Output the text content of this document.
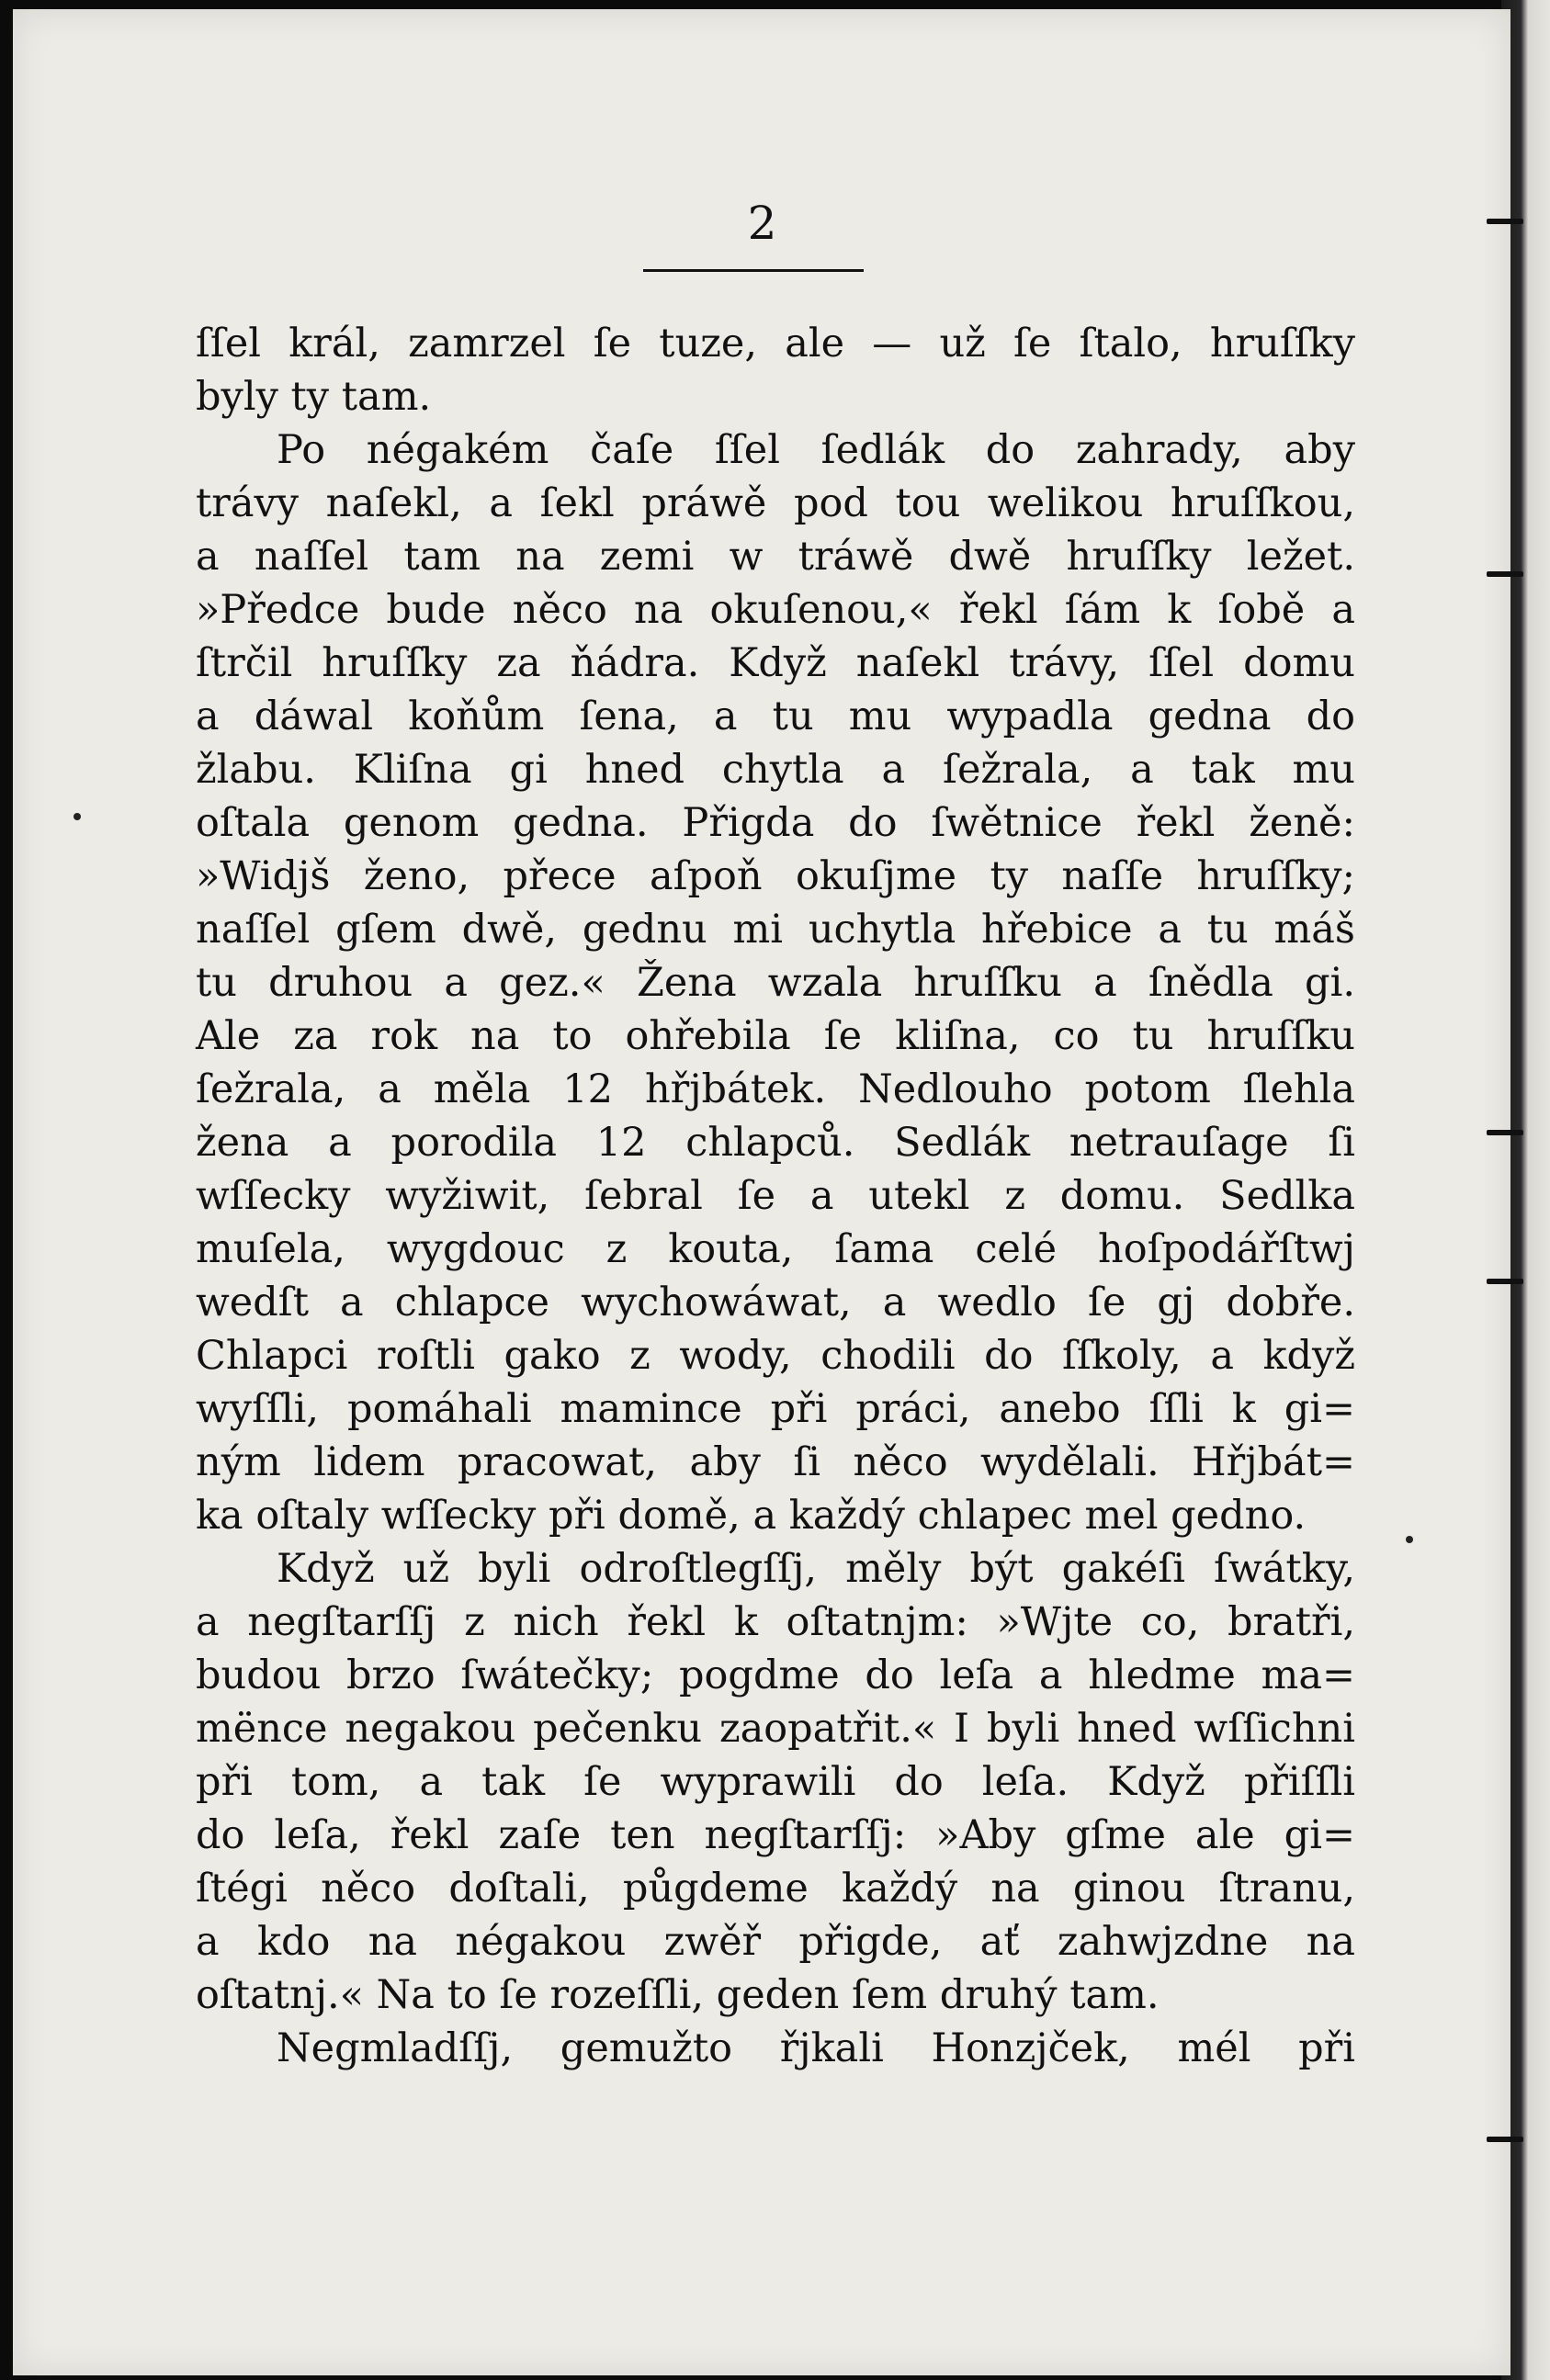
2
ſſel král, zamrzel ſe tuze, ale — už ſe ſtalo, hruſſky
byly ty tam.
Po négakém čaſe ſſel ſedlák do zahrady, aby
trávy naſekl, a ſekl práwě pod tou welikou hruſſkou,
a naſſel tam na zemi w tráwě dwě hruſſky ležet.
»Předce bude něco na okuſenou,« řekl ſám k ſobě a
ſtrčil hruſſky za ňádra. Když naſekl trávy, ſſel domu
a dáwal koňům ſena, a tu mu wypadla gedna do
žlabu. Kliſna gi hned chytla a ſežrala, a tak mu
oſtala genom gedna. Přigda do ſwětnice řekl ženě:
»Widjš ženo, přece aſpoň okuſjme ty naſſe hruſſky;
naſſel gſem dwě, gednu mi uchytla hřebice a tu máš
tu druhou a gez.« Žena wzala hruſſku a ſnědla gi.
Ale za rok na to ohřebila ſe kliſna, co tu hruſſku
ſežrala, a měla 12 hřjbátek. Nedlouho potom ſlehla
žena a porodila 12 chlapců. Sedlák netrauſage ſi
wſſecky wyžiwit, ſebral ſe a utekl z domu. Sedlka
muſela, wygdouc z kouta, ſama celé hoſpodářſtwj
wedſt a chlapce wychowáwat, a wedlo ſe gj dobře.
Chlapci roſtli gako z wody, chodili do ſſkoly, a když
wyſſli, pomáhali mamince při práci, anebo ſſli k gi=
ným lidem pracowat, aby ſi něco wydělali. Hřjbát=
ka oſtaly wſſecky při domě, a každý chlapec mel gedno.
Když už byli odroſtlegſſj, měly být gakéſi ſwátky,
a negſtarſſj z nich řekl k oſtatnjm: »Wjte co, bratři,
budou brzo ſwátečky; pogdme do leſa a hledme ma=
mënce negakou pečenku zaopatřit.« I byli hned wſſichni
při tom, a tak ſe wyprawili do leſa. Když přiſſli
do leſa, řekl zaſe ten negſtarſſj: »Aby gſme ale gi=
ſtégi něco doſtali, půgdeme každý na ginou ſtranu,
a kdo na négakou zwěř přigde, ať zahwjzdne na
oſtatnj.« Na to ſe rozeſſli, geden ſem druhý tam.
Negmladſſj, gemužto řjkali Honzjček, mél při
